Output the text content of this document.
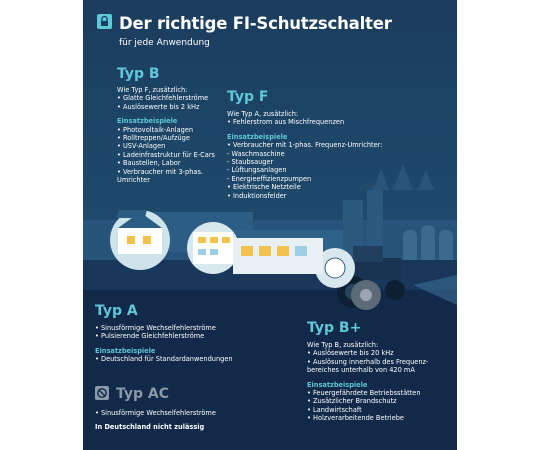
Der richtige FI-Schutzschalter
für jede Anwendung
Typ B
Wie Typ F, zusätzlich:
• Glatte Gleichfehlerströme
• Auslösewerte bis 2 kHz
Einsatzbeispiele
• Photovoltaik-Anlagen
• Rolltreppen/Aufzüge
• USV-Anlagen
• Ladeinfrastruktur für E-Cars
• Baustellen, Labor
• Verbraucher mit 3-phas.
Umrichter
Typ F
Wie Typ A, zusätzlich:
• Fehlerstrom aus Mischfrequenzen
Einsatzbeispiele
• Verbraucher mit 1-phas. Frequenz-Umrichter:
- Waschmaschine
- Staubsauger
- Lüftungsanlagen
- Energieeffizienzpumpen
• Elektrische Netzteile
• Induktionsfelder
Typ A
• Sinusförmige Wechselfehlerströme
• Pulsierende Gleichfehlerströme
Einsatzbeispiele
• Deutschland für Standardanwendungen
Typ AC
• Sinusförmige Wechselfehlerströme
In Deutschland nicht zulässig
Typ B+
Wie Typ B, zusätzlich:
• Auslösewerte bis 20 kHz
• Auslösung innerhalb des Frequenz-
bereiches unterhalb von 420 mA
Einsatzbeispiele
• Feuergefährdete Betriebsstätten
• Zusätzlicher Brandschutz
• Landwirtschaft
• Holzverarbeitende Betriebe
